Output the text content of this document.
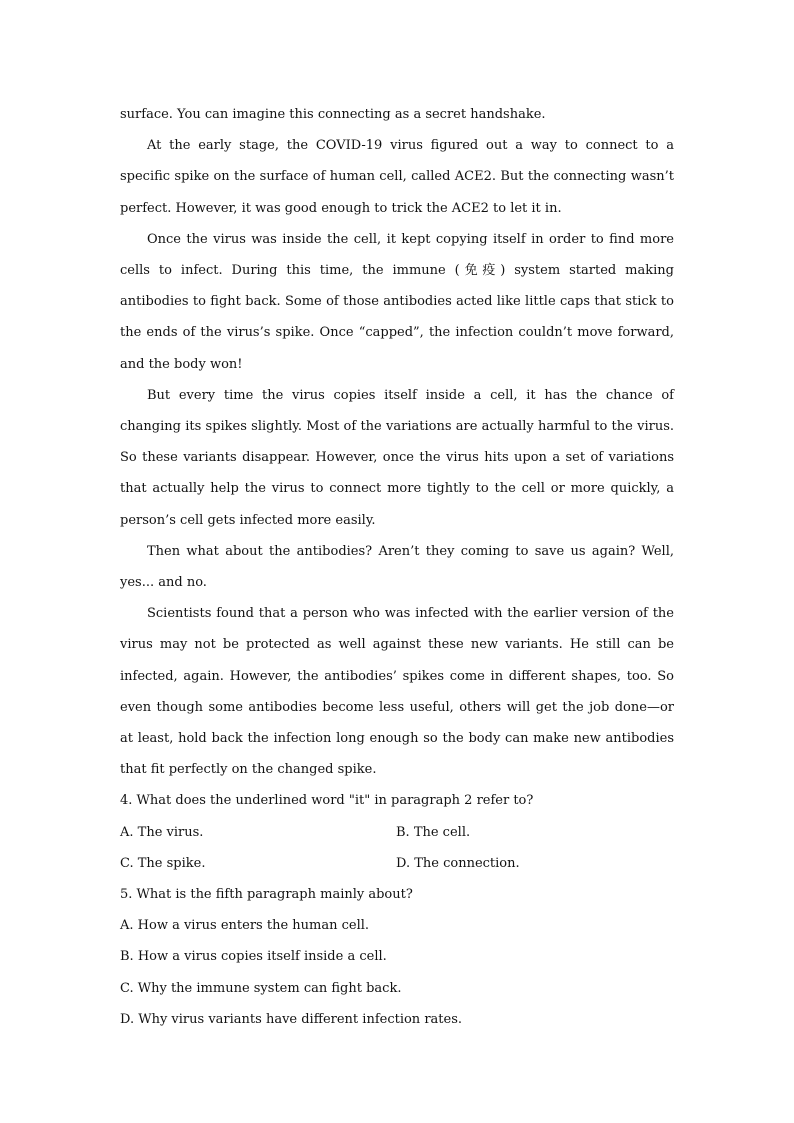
surface. You can imagine this connecting as a secret handshake.

At the early stage, the COVID-19 virus figured out a way to connect to a specific spike on the surface of human cell, called ACE2. But the connecting wasn’t perfect. However, it was good enough to trick the ACE2 to let it in.

Once the virus was inside the cell, it kept copying itself in order to find more cells to infect. During this time, the immune (免疫) system started making antibodies to fight back. Some of those antibodies acted like little caps that stick to the ends of the virus’s spike. Once “capped”, the infection couldn’t move forward, and the body won!

But every time the virus copies itself inside a cell, it has the chance of changing its spikes slightly. Most of the variations are actually harmful to the virus. So these variants disappear. However, once the virus hits upon a set of variations that actually help the virus to connect more tightly to the cell or more quickly, a person’s cell gets infected more easily.

Then what about the antibodies? Aren’t they coming to save us again? Well, yes... and no.

Scientists found that a person who was infected with the earlier version of the virus may not be protected as well against these new variants. He still can be infected, again. However, the antibodies’ spikes come in different shapes, too. So even though some antibodies become less useful, others will get the job done—or at least, hold back the infection long enough so the body can make new antibodies that fit perfectly on the changed spike.

4. What does the underlined word "it" in paragraph 2 refer to?

A. The virus.	B. The cell.
C. The spike.	D. The connection.

5. What is the fifth paragraph mainly about?

A. How a virus enters the human cell.

B. How a virus copies itself inside a cell.

C. Why the immune system can fight back.

D. Why virus variants have different infection rates.
